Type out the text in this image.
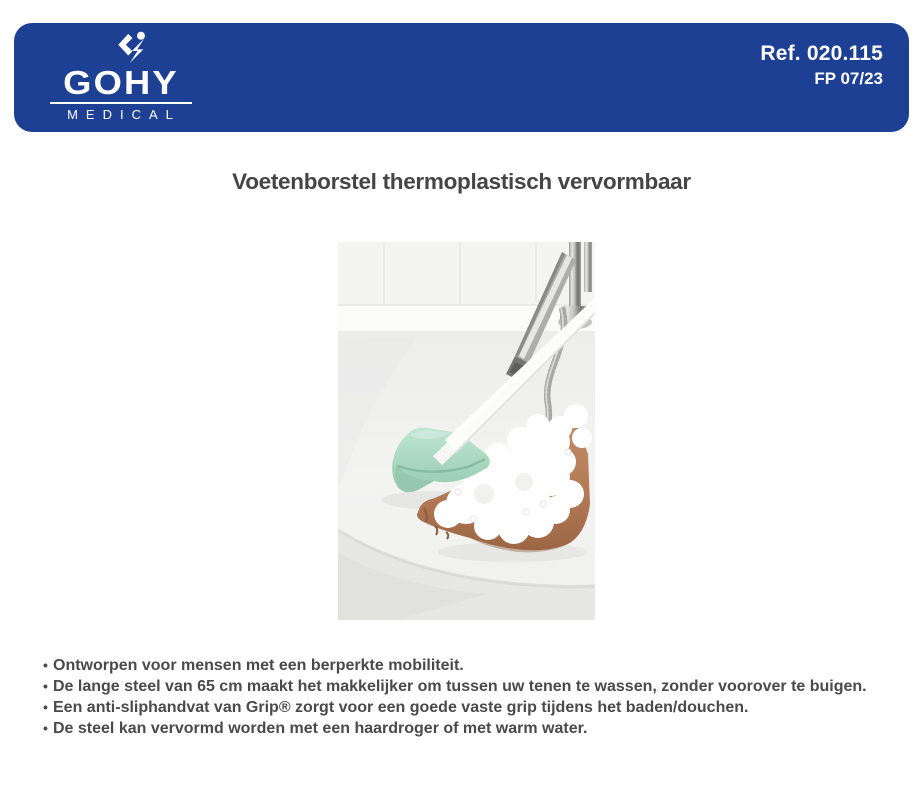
GOHY
MEDICAL
Ref. 020.115
FP 07/23
Voetenborstel thermoplastisch vervormbaar
• Ontworpen voor mensen met een berperkte mobiliteit.
• De lange steel van 65 cm maakt het makkelijker om tussen uw tenen te wassen, zonder voorover te buigen.
• Een anti-sliphandvat van Grip® zorgt voor een goede vaste grip tijdens het baden/douchen.
• De steel kan vervormd worden met een haardroger of met warm water.
